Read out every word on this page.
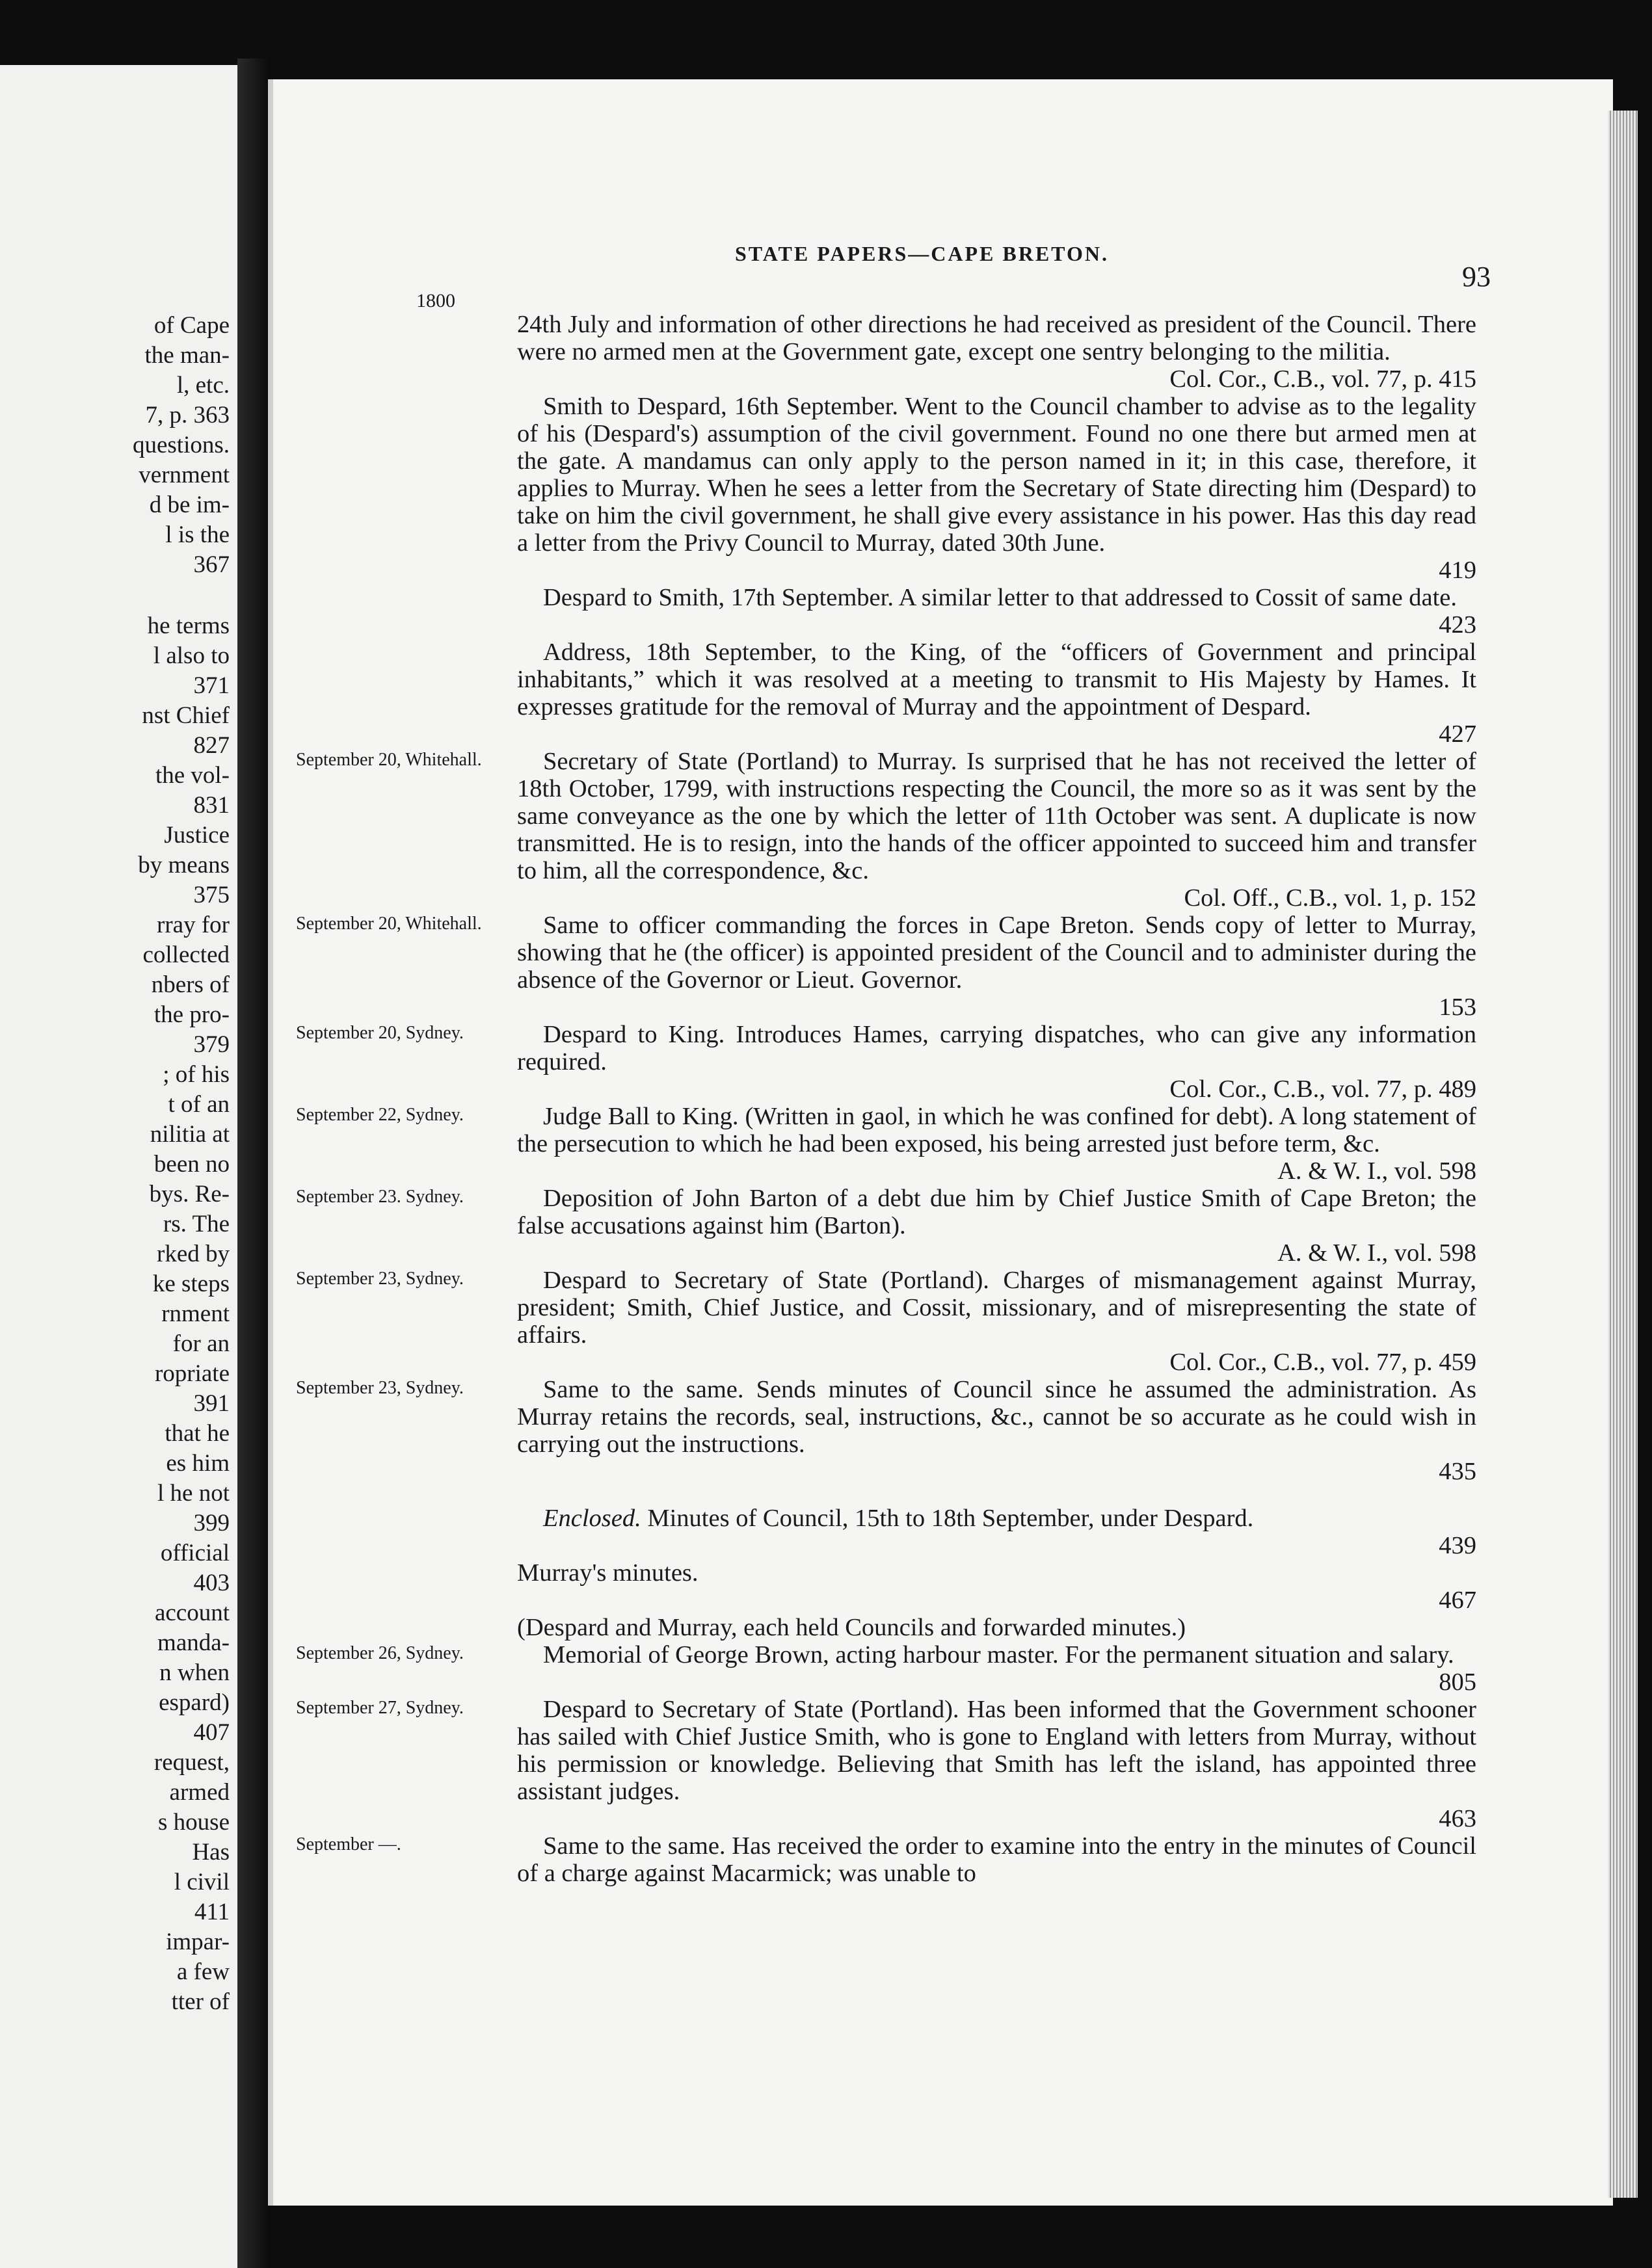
of Cape
the man-
l, etc.
7, p. 363
questions.
vernment
d be im-
l is the
367
he terms
l also to
371
nst Chief
827
the vol-
831
Justice
by means
375
rray for
collected
nbers of
the pro-
379
; of his
t of an
nilitia at
been no
bys. Re-
rs. The
rked by
ke steps
rnment
for an
ropriate
391
that he
es him
l he not
399
official
403
account
manda-
n when
espard)
407
request,
armed
s house
Has
l civil
411
impar-
a few
tter of
STATE PAPERS—CAPE BRETON.
93
1800

24th July and information of other directions he had received as president of the Council. There were no armed men at the Government gate, except one sentry belonging to the militia.

Col. Cor., C.B., vol. 77, p. 415

Smith to Despard, 16th September. Went to the Council chamber to advise as to the legality of his (Despard's) assumption of the civil government. Found no one there but armed men at the gate. A mandamus can only apply to the person named in it; in this case, therefore, it applies to Murray. When he sees a letter from the Secretary of State directing him (Despard) to take on him the civil government, he shall give every assistance in his power. Has this day read a letter from the Privy Council to Murray, dated 30th June.

419

Despard to Smith, 17th September. A similar letter to that addressed to Cossit of same date.

423

Address, 18th September, to the King, of the “officers of Government and principal inhabitants,” which it was resolved at a meeting to transmit to His Majesty by Hames. It expresses gratitude for the removal of Murray and the appointment of Despard.

427
September 20, Whitehall.	Secretary of State (Portland) to Murray. Is surprised that he has not received the letter of 18th October, 1799, with instructions respecting the Council, the more so as it was sent by the same conveyance as the one by which the letter of 11th October was sent. A duplicate is now transmitted. He is to resign, into the hands of the officer appointed to succeed him and transfer to him, all the correspondence, &c.

Col. Off., C.B., vol. 1, p. 152
September 20, Whitehall.	Same to officer commanding the forces in Cape Breton. Sends copy of letter to Murray, showing that he (the officer) is appointed president of the Council and to administer during the absence of the Governor or Lieut. Governor.

153
September 20, Sydney.	Despard to King. Introduces Hames, carrying dispatches, who can give any information required.

Col. Cor., C.B., vol. 77, p. 489
September 22, Sydney.	Judge Ball to King. (Written in gaol, in which he was confined for debt). A long statement of the persecution to which he had been exposed, his being arrested just before term, &c.

A. & W. I., vol. 598
September 23. Sydney.	Deposition of John Barton of a debt due him by Chief Justice Smith of Cape Breton; the false accusations against him (Barton).

A. & W. I., vol. 598
September 23, Sydney.	Despard to Secretary of State (Portland). Charges of mismanagement against Murray, president; Smith, Chief Justice, and Cossit, missionary, and of misrepresenting the state of affairs.

Col. Cor., C.B., vol. 77, p. 459
September 23, Sydney.	Same to the same. Sends minutes of Council since he assumed the administration. As Murray retains the records, seal, instructions, &c., cannot be so accurate as he could wish in carrying out the instructions.

435

Enclosed. Minutes of Council, 15th to 18th September, under Despard.

439

Murray's minutes.

467

(Despard and Murray, each held Councils and forwarded minutes.)

September 26, Sydney.	Memorial of George Brown, acting harbour master. For the permanent situation and salary.

805
September 27, Sydney.	Despard to Secretary of State (Portland). Has been informed that the Government schooner has sailed with Chief Justice Smith, who is gone to England with letters from Murray, without his permission or knowledge. Believing that Smith has left the island, has appointed three assistant judges.

463
September —.	Same to the same. Has received the order to examine into the entry in the minutes of Council of a charge against Macarmick; was unable to
